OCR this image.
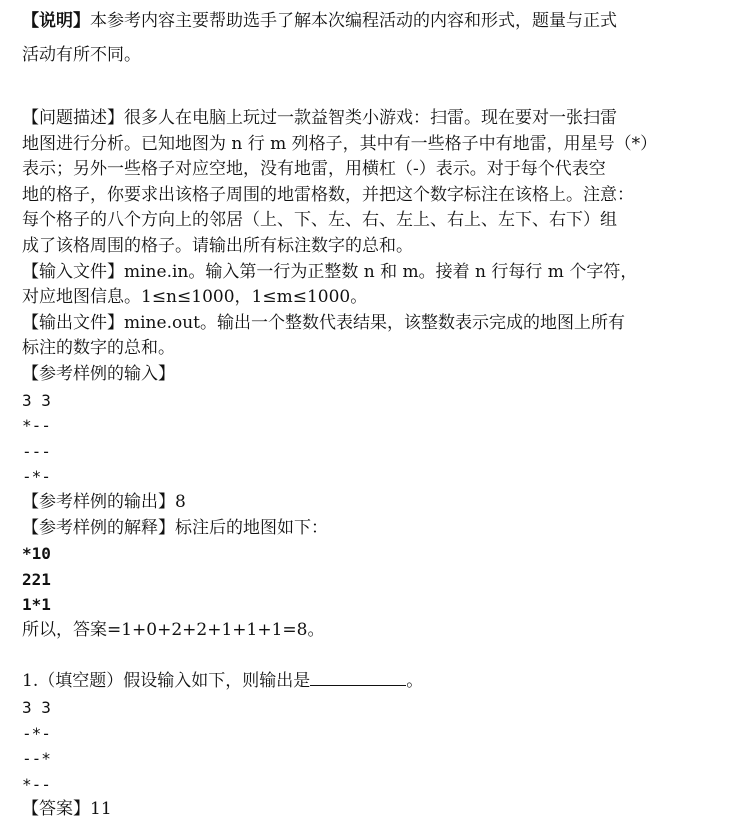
【说明】本参考内容主要帮助选手了解本次编程活动的内容和形式，题量与正式
活动有所不同。
【问题描述】很多人在电脑上玩过一款益智类小游戏：扫雷。现在要对一张扫雷
地图进行分析。已知地图为 n 行 m 列格子，其中有一些格子中有地雷，用星号（*）
表示；另外一些格子对应空地，没有地雷，用横杠（-）表示。对于每个代表空
地的格子，你要求出该格子周围的地雷格数，并把这个数字标注在该格上。注意：
每个格子的八个方向上的邻居（上、下、左、右、左上、右上、左下、右下）组
成了该格周围的格子。请输出所有标注数字的总和。
【输入文件】mine.in。输入第一行为正整数 n 和 m。接着 n 行每行 m 个字符，
对应地图信息。1≤n≤1000，1≤m≤1000。
【输出文件】mine.out。输出一个整数代表结果，该整数表示完成的地图上所有
标注的数字的总和。
【参考样例的输入】
3 3
*--
---
-*-
【参考样例的输出】8
【参考样例的解释】标注后的地图如下：
*10
221
1*1
所以，答案=1+0+2+2+1+1+1=8。
1.（填空题）假设输入如下，则输出是	。
3 3
-*-
--*
*--
【答案】11
